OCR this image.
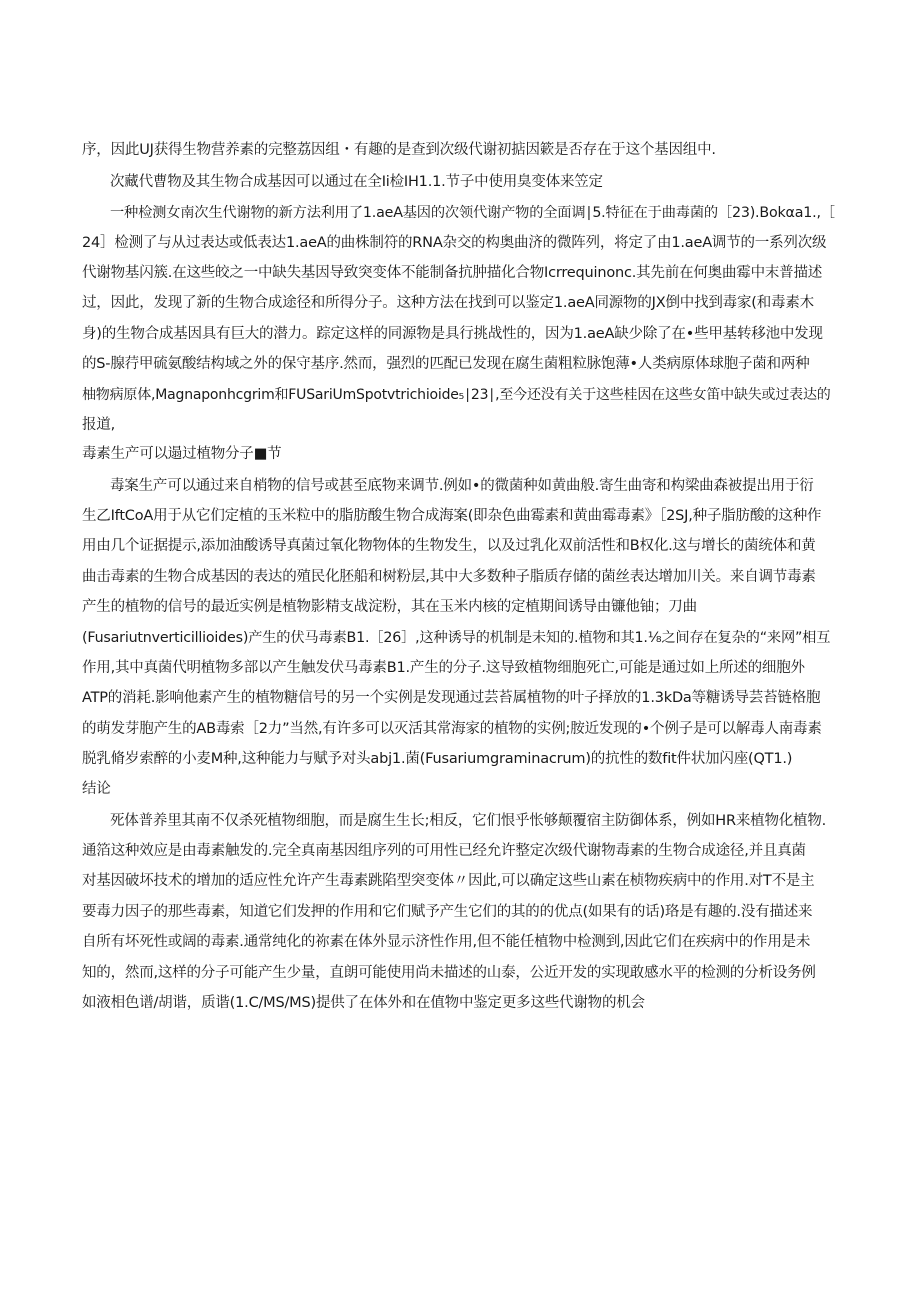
序，因此UJ获得生物营养素的完整荔因组・有趣的是查到次级代谢初掂因簌是否存在于这个基因组中.
次藏代曹物及其生物合成基因可以通过在全Ii检IH1.1.节子中使用臭变体来笠定
一种检测女南次生代谢物的新方法利用了1.aeA基因的次领代谢产物的全面调∣5.特征在于曲毒菌的［23).Bokαa1.,［
24］检测了与从过表达或低表达1.aeA的曲株制符的RNA杂交的构奥曲济的微阵列，将定了由1.aeA调节的一系列次级
代谢物基闪簇.在这些皎之一中缺失基因导致突变体不能制备抗肿描化合物Icrrequinonc.其先前在何奥曲霉中末普描述
过，因此，发现了新的生物合成途径和所得分子。这种方法在找到可以鉴定1.aeA同源物的JX倒中找到毒家(和毒素木
身)的生物合成基因具有巨大的潜力。踪定这样的同源物是具行挑战性的，因为1.aeA缺少除了在•些甲基转移池中发现
的S-腺荇甲硫氨酸结构域之外的保守基序.然而，强烈的匹配已发现在腐生菌粗粒脉饱薄•人类病原体球胞子菌和两种
柚物病原体,Magnaponhcgrim和FUSariUmSpotvtrichioide₅∣23∣,至今还没有关于这些桂因在这些女笛中缺失或过表达的
报道,
毒素生产可以遢过植物分子■节
毒案生产可以通过来自梢物的信号或甚至底物来调节.例如•的微菌种如黄曲般.寄生曲寄和构梁曲森被提出用于衍
生乙IftCoA用于从它们定植的玉米粒中的脂肪酸生物合成海案(即杂色曲霉素和黄曲霉毒素》［2SJ,种子脂肪酸的这种作
用由几个证据提示,添加油酸诱导真菌过氧化物物体的生物发生，以及过乳化双前活性和B权化.这与增长的菌统体和黄
曲击毒素的生物合成基因的表达的殖民化胚船和树粉层,其中大多数种子脂质存储的菌丝表达增加川关。来自调节毒素
产生的植物的信号的最近实例是植物影精支战淀粉，其在玉米内核的定植期间诱导由镰他铀；刀曲
(Fusariutnverticillioides)产生的伏马毒素B1.［26］,这种诱导的机制是未知的.植物和其1.⅛之间存在复杂的“来网”相互
作用,其中真菌代明植物多部以产生触发伏马毒素B1.产生的分子.这导致植物细胞死亡,可能是通过如上所述的细胞外
ATP的消耗.影响他素产生的植物糖信号的另一个实例是发现通过芸苔属植物的叶子择放的1.3kDa等糖诱导芸苔链格胞
的萌发芽胞产生的AB毒索［2力”当然,有许多可以灭活其常海家的植物的实例;胺近发现的•个例子是可以解毒人南毒素
脱乳脩岁索醉的小麦M种,这种能力与赋予对头abj1.菌(Fusariumgraminacrum)的抗性的数fit件状加闪座(QT1.)
结论
死体普养里其南不仅杀死植物细胞，而是腐生生长;相反，它们恨乎怅够颠覆宿主防御体系，例如HR来植物化植物.
通箔这种效应是由毒素触发的.完全真南基因组序列的可用性已经允许整定次级代谢物毒素的生物合成途径,并且真菌
对基因破坏技术的增加的适应性允许产生毒素跳陷型突变体〃因此,可以确定这些山素在桢物疾病中的作用.对T不是主
要毒力因子的那些毒素，知道它们发押的作用和它们赋予产生它们的其的的优点(如果有的话)珞是有趣的.没有描述来
自所有坏死性或阔的毒素.通常纯化的祢素在体外显示济性作用,但不能任植物中检测到,因此它们在疾病中的作用是未
知的，然而,这样的分子可能产生少量，直朗可能使用尚未描述的山泰，公近开发的实现敢感水平的检测的分析设务例
如液相色谱/胡谐，质谐(1.C/MS/MS)提供了在体外和在值物中鉴定更多这些代谢物的机会
